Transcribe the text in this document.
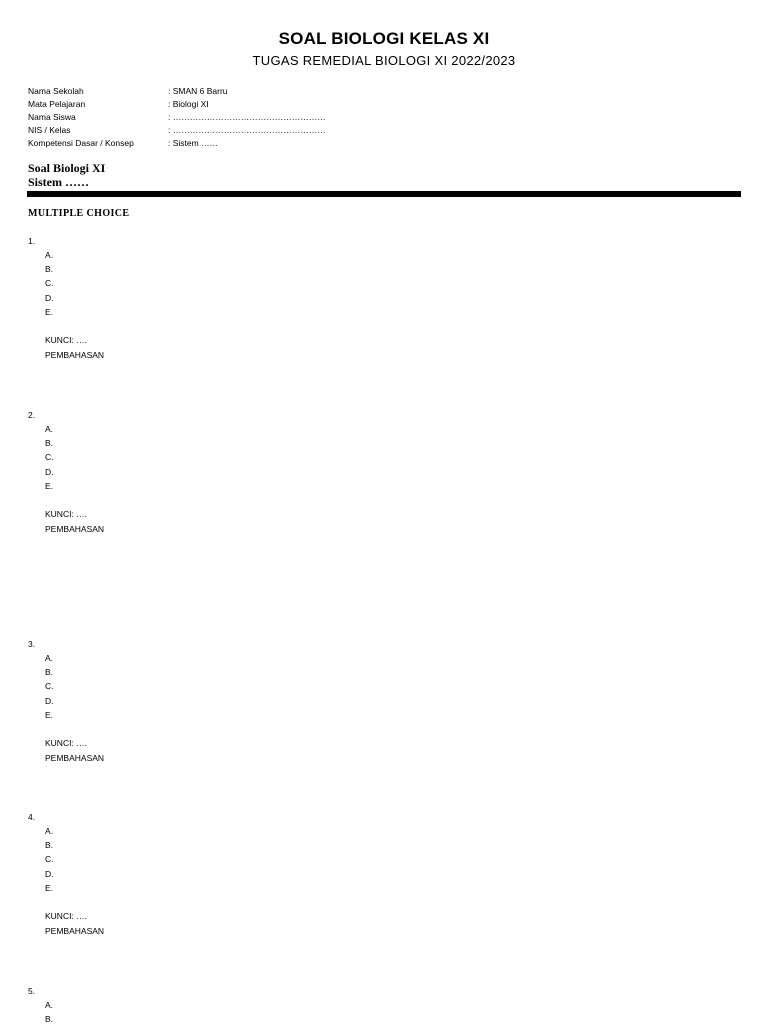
SOAL BIOLOGI KELAS XI
TUGAS REMEDIAL BIOLOGI XI 2022/2023
Nama Sekolah	: SMAN 6 Barru
Mata Pelajaran	: Biologi XI
Nama Siswa	: ………………………………………………
NIS / Kelas	: ………………………………………………
Kompetensi Dasar / Konsep	: Sistem ……
Soal Biologi XI
Sistem ……
MULTIPLE CHOICE
1.
A.
B.
C.
D.
E.
KUNCI: ….
PEMBAHASAN
2.
A.
B.
C.
D.
E.
KUNCI: ….
PEMBAHASAN
3.
A.
B.
C.
D.
E.
KUNCI: ….
PEMBAHASAN
4.
A.
B.
C.
D.
E.
KUNCI: ….
PEMBAHASAN
5.
A.
B.
